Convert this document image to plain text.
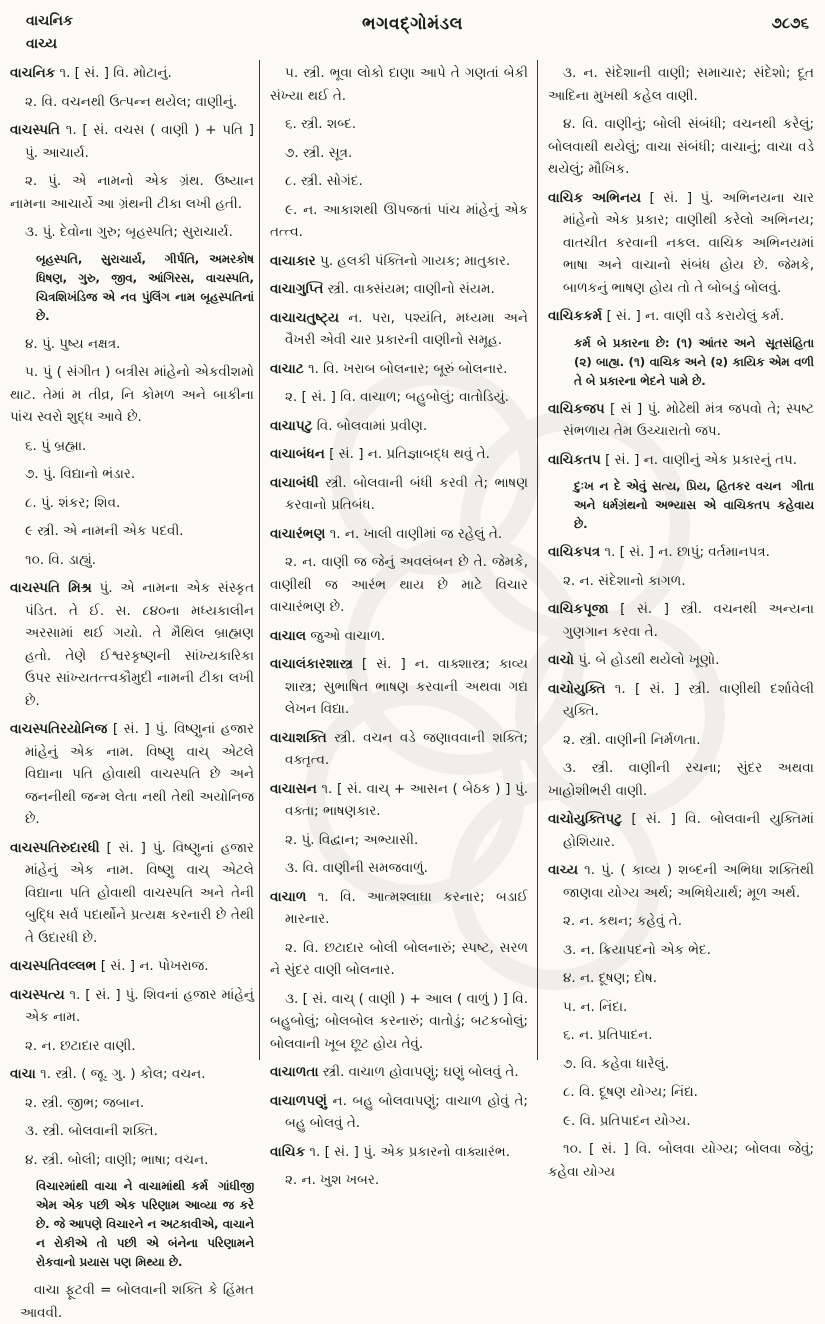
વાચનિક
વાચ્ય
ભગવદ્ગોમંડલ	૭૮૭૬

વાચનિક ૧. [ સં. ] વિ. મોટાનું.

૨. વિ. વચનથી ઉત્પન્ન થયેલ; વાણીનું.

વાચસ્પતિ ૧. [ સં. વચસ ( વાણી ) + પતિ ] પું. આચાર્ય.

૨. પું. એ નામનો એક ગ્રંથ. ઉષ્યાન નામના આચાર્યે આ ગ્રંથની ટીકા લખી હતી.

૩. પું. દેવોના ગુરુ; બૃહસ્પતિ; સુરાચાર્ય.

અમરકોષ
બૃહસ્પતિ, સુરાચાર્ય, ગીર્પતિ, ધિષણ, ગુરુ, જીવ, આંગિરસ, વાચસ્પતિ, ચિત્રશિખંડિજ એ નવ પુંલિંગ નામ બૃહસ્પતિનાં છે.

૪. પું. પુષ્ય નક્ષત્ર.

૫. પું ( સંગીત ) બત્રીસ માંહેનો એકવીશમો થાટ. તેમાં મ તીવ્ર, નિ કોમળ અને બાકીના પાંચ સ્વરો શુદ્ધ આવે છે.

૬. પું બ્રહ્મા.

૭. પું. વિદ્યાનો ભંડાર.

૮. પું. શંકર; શિવ.

૯ સ્ત્રી. એ નામની એક પદવી.

૧૦. વિ. ડાહ્યું.

વાચસ્પતિ મિશ્ર પું. એ નામના એક સંસ્કૃત પંડિત. તે ઈ. સ. ૮૪૦ના મધ્યકાલીન અરસામાં થઈ ગયો. તે મૈથિલ બ્રાહ્મણ હતો. તેણે ઈશ્વરકૃષ્ણની સાંખ્યકારિકા ઉપર સાંખ્યતત્ત્વકૌમુદી નામની ટીકા લખી છે.

વાચસ્પતિરયોનિજ [ સં. ] પું. વિષ્ણુનાં હજાર માંહેનું એક નામ. વિષ્ણુ વાચ્ એટલે વિદ્યાના પતિ હોવાથી વાચસ્પતિ છે અને જનનીથી જન્મ લેતા નથી તેથી અયોનિજ છે.

વાચસ્પતિરુદારધી [ સં. ] પું. વિષ્ણુનાં હજાર માંહેનું એક નામ. વિષ્ણુ વાચ્ એટલે વિદ્યાના પતિ હોવાથી વાચસ્પતિ અને તેની બુદ્ધિ સર્વ પદાર્થોને પ્રત્યક્ષ કરનારી છે તેથી તે ઉદારધી છે.

વાચસ્પતિવલ્લભ [ સં. ] ન. પોખરાજ.

વાચસ્પત્ય ૧. [ સં. ] પું. શિવનાં હજાર માંહેનું એક નામ.

૨. ન. છટાદાર વાણી.

વાચા ૧. સ્ત્રી. ( જૂ. ગુ. ) કોલ; વચન.

૨. સ્ત્રી. જીભ; જબાન.

૩. સ્ત્રી. બોલવાની શક્તિ.

૪. સ્ત્રી. બોલી; વાણી; ભાષા; વચન.

ગાંધીજી
વિચારમાંથી વાચા ને વાચામાંથી કર્મ એમ એક પછી એક પરિણામ આવ્યા જ કરે છે. જે આપણે વિચારને ન અટકાવીએ, વાચાને ન રોકીએ તો પછી એ બંનેના પરિણામને રોકવાનો પ્રયાસ પણ મિથ્યા છે.

વાચા ફૂટવી = બોલવાની શક્તિ કે હિંમત આવવી.

૫. સ્ત્રી. ભૂવા લોકો દાણા આપે તે ગણતાં બેકી સંખ્યા થઈ તે.

૬. સ્ત્રી. શબ્દ.

૭. સ્ત્રી. સૂત્ર.

૮. સ્ત્રી. સોગંદ.

૯. ન. આકાશથી ઊપજતાં પાંચ માંહેનું એક તત્ત્વ.

વાચાકાર પુ. હલકી પંક્તિનો ગાયક; માતુકાર.

વાચાગુપ્તિ સ્ત્રી. વાક્સંયમ; વાણીનો સંયમ.

વાચાચતુષ્ટ્ય ન. પરા, પશ્યંતિ, મધ્યમા અને વૈખરી એવી ચાર પ્રકારની વાણીનો સમૂહ.

વાચાટ ૧. વિ. ખરાબ બોલનાર; બૂરું બોલનાર.

૨. [ સં. ] વિ. વાચાળ; બહુબોલું; વાતોડિયું.

વાચાપટુ વિ. બોલવામાં પ્રવીણ.

વાચાબંધન [ સં. ] ન. પ્રતિજ્ઞાબદ્ધ થવું તે.

વાચાબંધી સ્ત્રી. બોલવાની બંધી કરવી તે; ભાષણ કરવાનો પ્રતિબંધ.

વાચારંભણ ૧. ન. ખાલી વાણીમાં જ રહેલું તે.

૨. ન. વાણી જ જેનું અવલંબન છે તે. જેમકે, વાણીથી જ આરંભ થાય છે માટે વિચાર વાચારંભણ છે.

વાચાલ જુઓ વાચાળ.

વાચાલંકારશાસ્ત્ર [ સં. ] ન. વાક્શાસ્ત્ર; કાવ્ય શાસ્ત્ર; સુભાષિત ભાષણ કરવાની અથવા ગદ્ય લેખન વિદ્યા.

વાચાશક્તિ સ્ત્રી. વચન વડે જણાવવાની શક્તિ; વક્તૃત્વ.

વાચાસન ૧. [ સં. વાચ્ + આસન ( બેઠક ) ] પું. વક્તા; ભાષણકાર.

૨. પું. વિદ્વાન; અભ્યાસી.

૩. વિ. વાણીની સમજવાળું.

વાચાળ ૧. વિ. આત્મશ્લાઘા કરનાર; બડાઈ મારનાર.

૨. વિ. છટાદાર બોલી બોલનારું; સ્પષ્ટ, સરળ ને સુંદર વાણી બોલનાર.

૩. [ સં. વાચ્ ( વાણી ) + આલ ( વાળું ) ] વિ. બહુબોલું; બોલબોલ કરનારું; વાતોડું; બટકબોલું; બોલવાની ખૂબ છૂટ હોય તેવું.

વાચાળતા સ્ત્રી. વાચાળ હોવાપણું; ઘણું બોલવું તે.

વાચાળપણું ન. બહુ બોલવાપણું; વાચાળ હોવું તે; બહુ બોલવું તે.

વાચિક ૧. [ સં. ] પું. એક પ્રકારનો વાક્યારંભ.

૨. ન. ખુશ ખબર.

૩. ન. સંદેશાની વાણી; સમાચાર; સંદેશો; દૂત આદિના મુખથી કહેલ વાણી.

૪. વિ. વાણીનું; બોલી સંબંધી; વચનથી કરેલું; બોલવાથી થયેલું; વાચા સંબંધી; વાચાનું; વાચા વડે થયેલું; મૌખિક.

વાચિક અભિનય [ સં. ] પું. અભિનયના ચાર માંહેનો એક પ્રકાર; વાણીથી કરેલો અભિનય; વાતચીત કરવાની નકલ. વાચિક અભિનયમાં ભાષા અને વાચાનો સંબંધ હોય છે. જેમકે, બાળકનું ભાષણ હોય તો તે બોબડું બોલવું.

વાચિકકર્મ [ સં. ] ન. વાણી વડે કરાયેલું કર્મ.

સૂતસંહિતા
કર્મ બે પ્રકારના છે: (૧) આંતર અને (૨) બાહ્ય. (૧) વાચિક અને (૨) કાયિક એમ વળી તે બે પ્રકારના ભેદને પામે છે.

વાચિકજપ [ સં ] પું. મોઢેથી મંત્ર જપવો તે; સ્પષ્ટ સંભળાય તેમ ઉચ્ચારાતો જપ.

વાચિકતપ [ સં. ] ન. વાણીનું એક પ્રકારનું તપ.

ગીતા
દુઃખ ન દે એવું સત્ય, પ્રિય, હિતકર વચન અને ધર્મગ્રંથનો અભ્યાસ એ વાચિકતપ કહેવાય છે.

વાચિકપત્ર ૧. [ સં. ] ન. છાપું; વર્તમાનપત્ર.

૨. ન. સંદેશાનો કાગળ.

વાચિકપૂજા [ સં. ] સ્ત્રી. વચનથી અન્યના ગુણગાન કરવા તે.

વાચો પું. બે હોડથી થયેલો ખૂણો.

વાચોયુક્તિ ૧. [ સં. ] સ્ત્રી. વાણીથી દર્શાવેલી યુક્તિ.

૨. સ્ત્રી. વાણીની નિર્મળતા.

૩. સ્ત્રી. વાણીની રચના; સુંદર અથવા ખાહોશીભરી વાણી.

વાચોયુક્તિપટુ [ સં. ] વિ. બોલવાની યુક્તિમાં હોશિયાર.

વાચ્ય ૧. પું. ( કાવ્ય ) શબ્દની અભિધા શક્તિથી જાણવા યોગ્ય અર્થ; અભિધેયાર્થ; મૂળ અર્થ.

૨. ન. કથન; કહેવું તે.

૩. ન. ક્રિયાપદનો એક ભેદ.

૪. ન. દૂષણ; દોષ.

૫. ન. નિંદા.

૬. ન. પ્રતિપાદન.

૭. વિ. કહેવા ધારેલું.

૮. વિ. દૂષણ યોગ્ય; નિંદ્ય.

૯. વિ. પ્રતિપાદન યોગ્ય.

૧૦. [ સં. ] વિ. બોલવા યોગ્ય; બોલવા જેવું; કહેવા યોગ્ય
